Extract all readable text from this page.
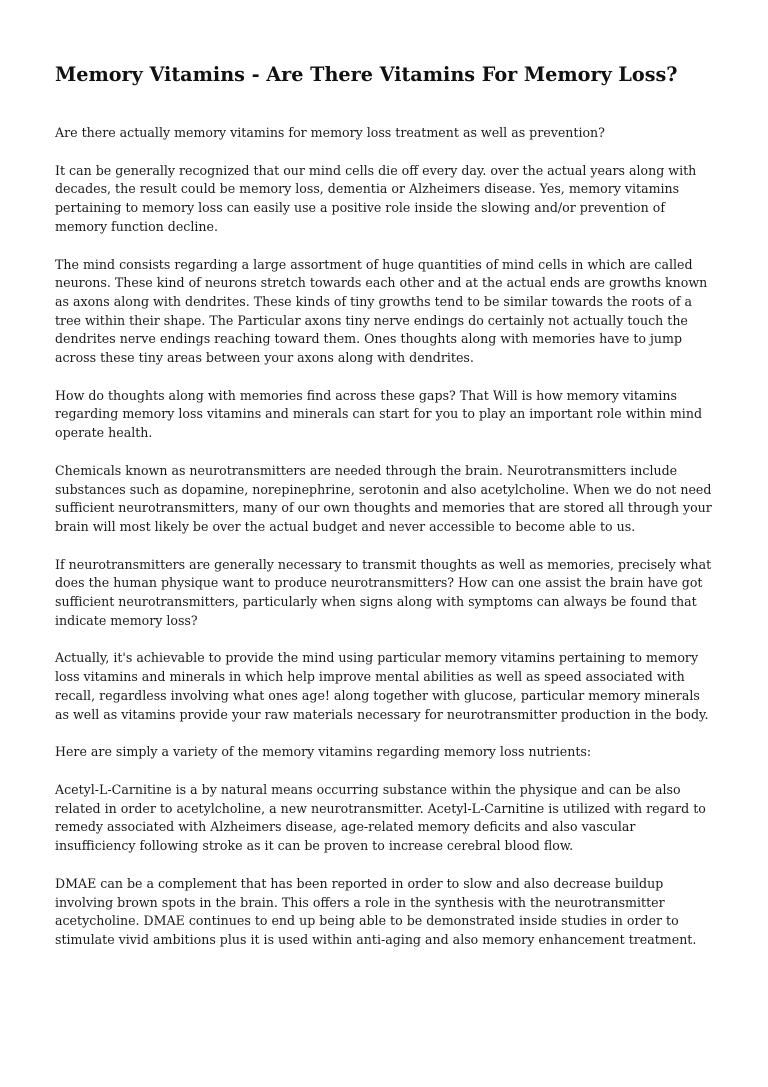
Memory Vitamins - Are There Vitamins For Memory Loss?

Are there actually memory vitamins for memory loss treatment as well as prevention?

It can be generally recognized that our mind cells die off every day. over the actual years along with decades, the result could be memory loss, dementia or Alzheimers disease. Yes, memory vitamins pertaining to memory loss can easily use a positive role inside the slowing and/or prevention of memory function decline.

The mind consists regarding a large assortment of huge quantities of mind cells in which are called neurons. These kind of neurons stretch towards each other and at the actual ends are growths known as axons along with dendrites. These kinds of tiny growths tend to be similar towards the roots of a tree within their shape. The Particular axons tiny nerve endings do certainly not actually touch the dendrites nerve endings reaching toward them. Ones thoughts along with memories have to jump across these tiny areas between your axons along with dendrites.

How do thoughts along with memories find across these gaps? That Will is how memory vitamins regarding memory loss vitamins and minerals can start for you to play an important role within mind operate health.

Chemicals known as neurotransmitters are needed through the brain. Neurotransmitters include substances such as dopamine, norepinephrine, serotonin and also acetylcholine. When we do not need sufficient neurotransmitters, many of our own thoughts and memories that are stored all through your brain will most likely be over the actual budget and never accessible to become able to us.

If neurotransmitters are generally necessary to transmit thoughts as well as memories, precisely what does the human physique want to produce neurotransmitters? How can one assist the brain have got sufficient neurotransmitters, particularly when signs along with symptoms can always be found that indicate memory loss?

Actually, it's achievable to provide the mind using particular memory vitamins pertaining to memory loss vitamins and minerals in which help improve mental abilities as well as speed associated with recall, regardless involving what ones age! along together with glucose, particular memory minerals as well as vitamins provide your raw materials necessary for neurotransmitter production in the body.

Here are simply a variety of the memory vitamins regarding memory loss nutrients:

Acetyl-L-Carnitine is a by natural means occurring substance within the physique and can be also related in order to acetylcholine, a new neurotransmitter. Acetyl-L-Carnitine is utilized with regard to remedy associated with Alzheimers disease, age-related memory deficits and also vascular insufficiency following stroke as it can be proven to increase cerebral blood flow.

DMAE can be a complement that has been reported in order to slow and also decrease buildup involving brown spots in the brain. This offers a role in the synthesis with the neurotransmitter acetycholine. DMAE continues to end up being able to be demonstrated inside studies in order to stimulate vivid ambitions plus it is used within anti-aging and also memory enhancement treatment.
